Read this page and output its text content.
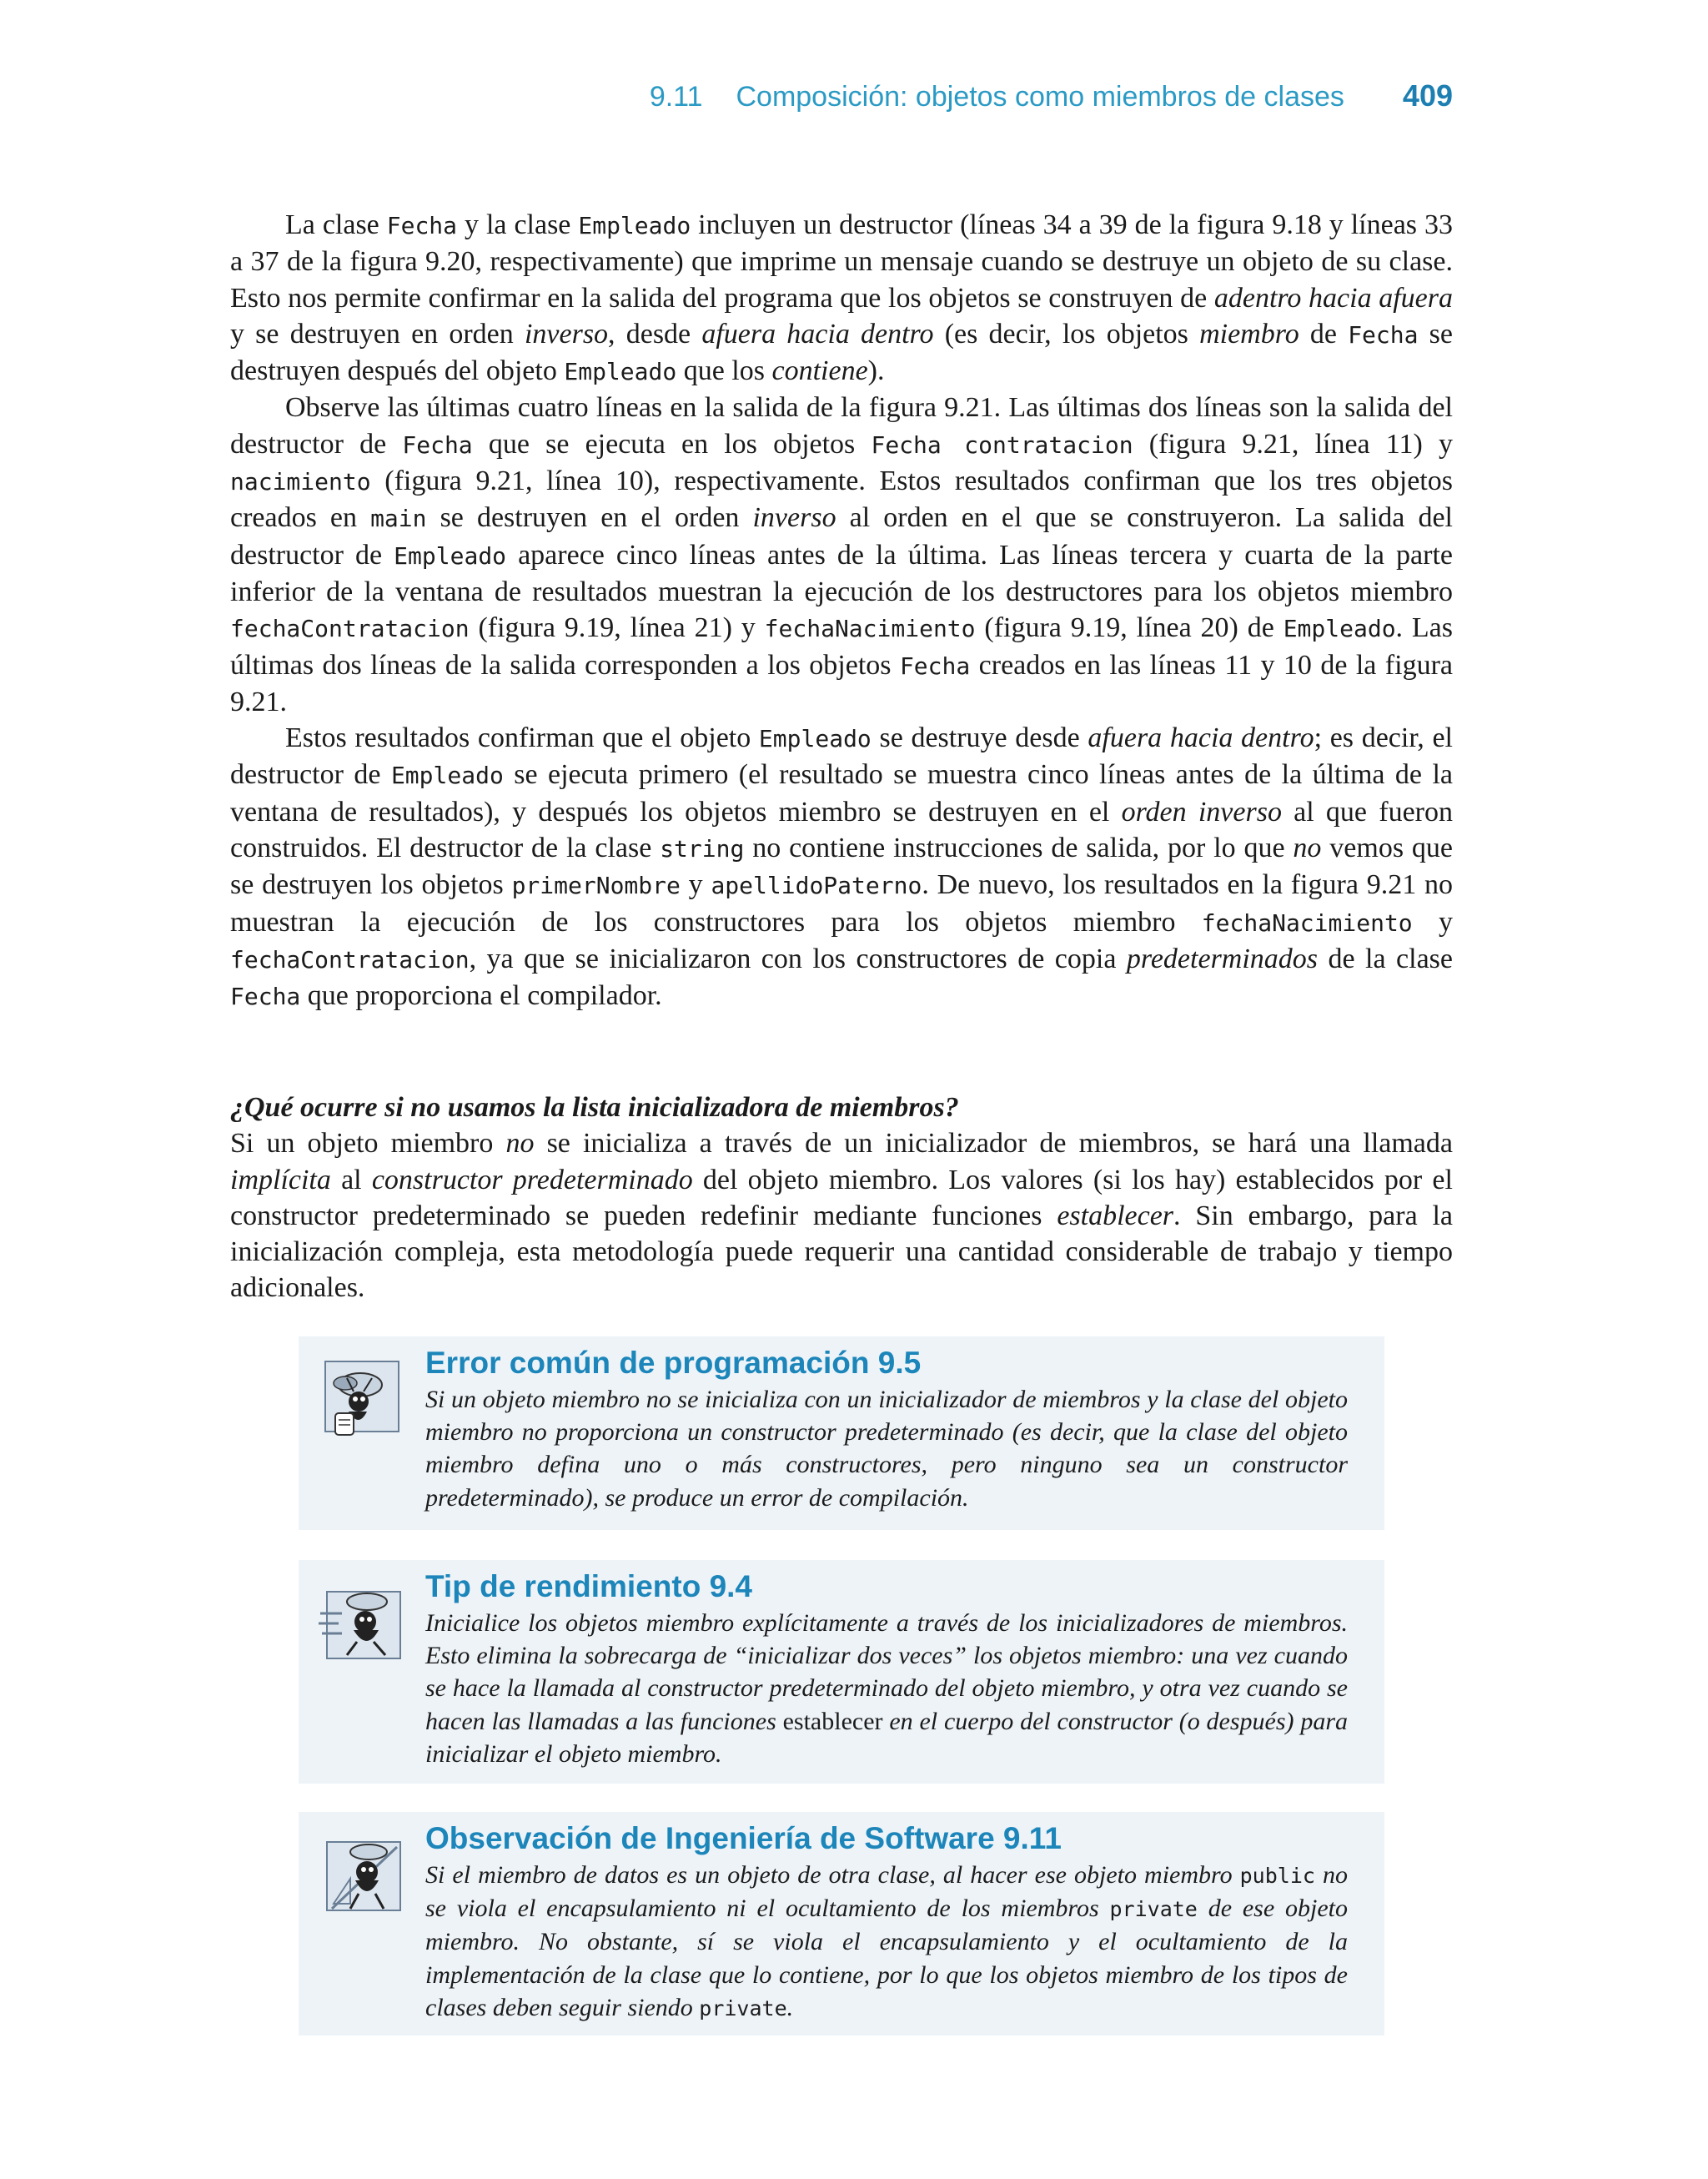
9.11 Composición: objetos como miembros de clases 409

La clase Fecha y la clase Empleado incluyen un destructor (líneas 34 a 39 de la figura 9.18 y líneas 33 a 37 de la figura 9.20, respectivamente) que imprime un mensaje cuando se destruye un objeto de su clase. Esto nos permite confirmar en la salida del programa que los objetos se construyen de adentro hacia afuera y se destruyen en orden inverso, desde afuera hacia dentro (es decir, los objetos miembro de Fecha se destruyen después del objeto Empleado que los contiene).

Observe las últimas cuatro líneas en la salida de la figura 9.21. Las últimas dos líneas son la salida del destructor de Fecha que se ejecuta en los objetos Fecha contratacion (figura 9.21, línea 11) y nacimiento (figura 9.21, línea 10), respectivamente. Estos resultados confirman que los tres objetos creados en main se destruyen en el orden inverso al orden en el que se construyeron. La salida del destructor de Empleado aparece cinco líneas antes de la última. Las líneas tercera y cuarta de la parte inferior de la ventana de resultados muestran la ejecución de los destructores para los objetos miembro fechaContratacion (figura 9.19, línea 21) y fechaNacimiento (figura 9.19, línea 20) de Empleado. Las últimas dos líneas de la salida corresponden a los objetos Fecha creados en las líneas 11 y 10 de la figura 9.21.

Estos resultados confirman que el objeto Empleado se destruye desde afuera hacia dentro; es decir, el destructor de Empleado se ejecuta primero (el resultado se muestra cinco líneas antes de la última de la ventana de resultados), y después los objetos miembro se destruyen en el orden inverso al que fueron construidos. El destructor de la clase string no contiene instrucciones de salida, por lo que no vemos que se destruyen los objetos primerNombre y apellidoPaterno. De nuevo, los resultados en la figura 9.21 no muestran la ejecución de los constructores para los objetos miembro fechaNacimiento y fechaContratacion, ya que se inicializaron con los constructores de copia predeterminados de la clase Fecha que proporciona el compilador.

¿Qué ocurre si no usamos la lista inicializadora de miembros?

Si un objeto miembro no se inicializa a través de un inicializador de miembros, se hará una llamada implícita al constructor predeterminado del objeto miembro. Los valores (si los hay) establecidos por el constructor predeterminado se pueden redefinir mediante funciones establecer. Sin embargo, para la inicialización compleja, esta metodología puede requerir una cantidad considerable de trabajo y tiempo adicionales.

Error común de programación 9.5

Si un objeto miembro no se inicializa con un inicializador de miembros y la clase del objeto miembro no proporciona un constructor predeterminado (es decir, que la clase del objeto miembro defina uno o más constructores, pero ninguno sea un constructor predeterminado), se produce un error de compilación.

Tip de rendimiento 9.4

Inicialice los objetos miembro explícitamente a través de los inicializadores de miembros. Esto elimina la sobrecarga de “inicializar dos veces” los objetos miembro: una vez cuando se hace la llamada al constructor predeterminado del objeto miembro, y otra vez cuando se hacen las llamadas a las funciones establecer en el cuerpo del constructor (o después) para inicializar el objeto miembro.

Observación de Ingeniería de Software 9.11

Si el miembro de datos es un objeto de otra clase, al hacer ese objeto miembro public no se viola el encapsulamiento ni el ocultamiento de los miembros private de ese objeto miembro. No obstante, sí se viola el encapsulamiento y el ocultamiento de la implementación de la clase que lo contiene, por lo que los objetos miembro de los tipos de clases deben seguir siendo private.
